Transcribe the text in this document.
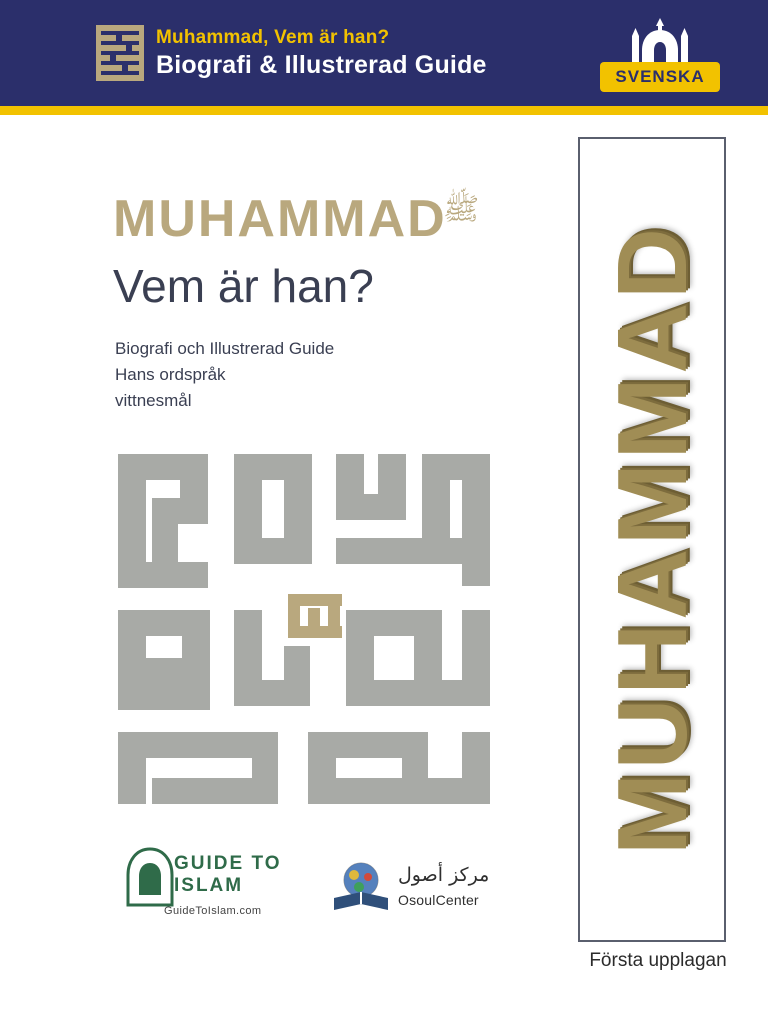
Muhammad, Vem är han?
Biografi & Illustrerad Guide	SVENSKA
MUHAMMAD
ﷺ
Vem är han?
Biografi och Illustrerad Guide
Hans ordspråk
vittnesmål
GUIDE TO
ISLAM
GuideToIslam.com
مركز أصول
OsoulCenter
MUHAMMAD
Första upplagan
